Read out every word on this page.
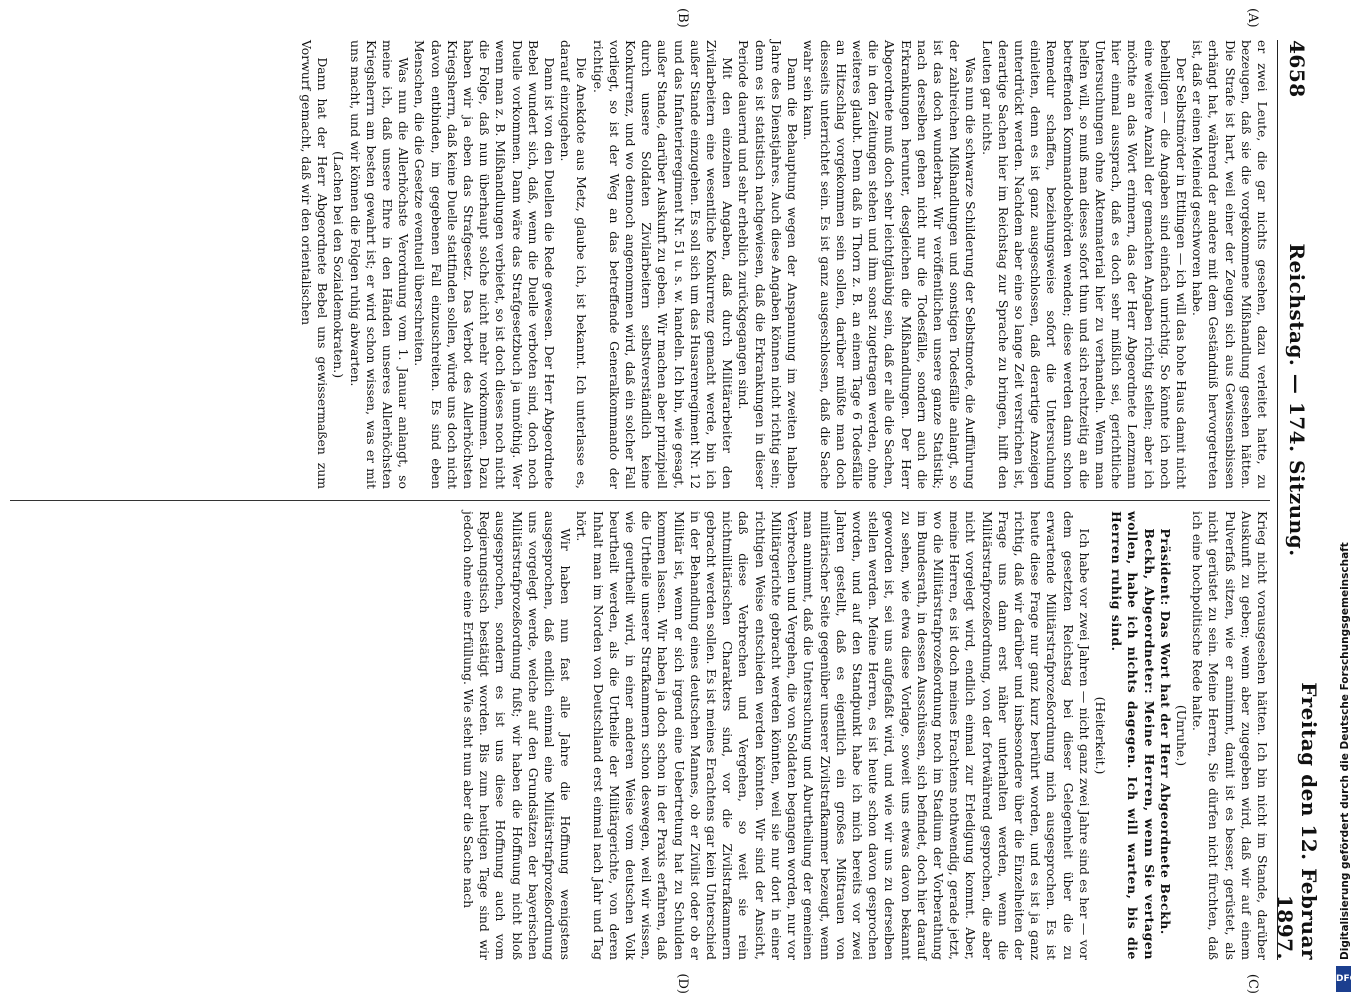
4658
Reichstag. — 174. Sitzung.
Freitag den 12. Februar 1897.

er zwei Leute, die gar nichts gesehen, dazu verleitet hatte, zu bezeugen, daß sie die vorgekommene Mißhandlung gesehen hätten. Die Strafe ist hart, weil einer der Zeugen sich aus Gewissensbissen erhängt hat, während der andere mit dem Geständniß hervorgetreten ist, daß er einen Meineid geschworen habe.

Der Selbstmörder in Ettlingen — ich will das hohe Haus damit nicht behelligen — die Angaben sind einfach unrichtig. So könnte ich noch eine weitere Anzahl der gemachten Angaben richtig stellen; aber ich möchte an das Wort erinnern, das der Herr Abgeordnete Lenzmann hier einmal aussprach, daß es doch sehr mißlich sei, gerichtliche Untersuchungen ohne Aktenmaterial hier zu verhandeln. Wenn man helfen will, so muß man dieses sofort thun und sich rechtzeitig an die betreffenden Kommandobehörden wenden; diese werden dann schon Remedur schaffen, beziehungsweise sofort die Untersuchung einleiten, denn es ist ganz ausgeschlossen, daß derartige Anzeigen unterdrückt werden. Nachdem aber eine so lange Zeit verstrichen ist, derartige Sachen hier im Reichstag zur Sprache zu bringen, hilft den Leuten gar nichts.

Was nun die schwarze Schilderung der Selbstmorde, die Aufführung der zahlreichen Mißhandlungen und sonstigen Todesfälle anlangt, so ist das doch wunderbar. Wir veröffentlichen unsere ganze Statistik; nach derselben gehen nicht nur die Todesfälle, sondern auch die Erkrankungen herunter, desgleichen die Mißhandlungen. Der Herr Abgeordnete muß doch sehr leichtgläubig sein, daß er alle die Sachen, die in den Zeitungen stehen und ihm sonst zugetragen werden, ohne weiteres glaubt. Denn daß in Thorn z. B. an einem Tage 6 Todesfälle an Hitzschlag vorgekommen sein sollen, darüber müßte man doch diesseits unterrichtet sein. Es ist ganz ausgeschlossen, daß die Sache wahr sein kann.

Dann die Behauptung wegen der Anspannung im zweiten halben Jahre des Dienstjahres. Auch diese Angaben können nicht richtig sein; denn es ist statistisch nachgewiesen, daß die Erkrankungen in dieser Periode dauernd und sehr erheblich zurückgegangen sind.

Mit den einzelnen Angaben, daß durch Militärarbeiter den Zivilarbeitern eine wesentliche Konkurrenz gemacht werde, bin ich außer Stande einzugehen. Es soll sich um das Husarenregiment Nr. 12 und das Infanterieregiment Nr. 51 u. s. w. handeln. Ich bin, wie gesagt, außer Stande, darüber Auskunft zu geben. Wir machen aber prinzipiell durch unsere Soldaten Zivilarbeitern selbstverständlich keine Konkurrenz, und wo dennoch angenommen wird, daß ein solcher Fall vorliegt, so ist der Weg an das betreffende Generalkommando der richtige.

Die Anekdote aus Metz, glaube ich, ist bekannt. Ich unterlasse es, darauf einzugehen.

Dann ist von den Duellen die Rede gewesen. Der Herr Abgeordnete Bebel wundert sich, daß, wenn die Duelle verboten sind, doch noch Duelle vorkommen. Dann wäre das Strafgesetzbuch ja unnöthig. Wer wenn man z. B. Mißhandlungen verbietet, so ist doch dieses noch nicht die Folge, daß nun überhaupt solche nicht mehr vorkommen. Dazu haben wir ja eben das Strafgesetz. Das Verbot des Allerhöchsten Kriegsherrn, daß keine Duelle stattfinden sollen, würde uns doch nicht davon entbinden, im gegebenen Fall einzuschreiten. Es sind eben Menschen, die die Gesetze eventuell überschreiten.

Was nun die Allerhöchste Verordnung vom 1. Januar anlangt, so meine ich, daß unsere Ehre in den Händen unseres Allerhöchsten Kriegsherrn am besten gewahrt ist; er wird schon wissen, was er mit uns macht, und wir können die Folgen ruhig abwarten.

(Lachen bei den Sozialdemokraten.)

Dann hat der Herr Abgeordnete Bebel uns gewissermaßen zum Vorwurf gemacht, daß wir den orientalischen

Krieg nicht vorausgesehen hätten. Ich bin nicht im Stande, darüber Auskunft zu geben; wenn aber zugegeben wird, daß wir auf einem Pulverfaß sitzen, wie er annimmt, damit ist es besser, gerüstet, als nicht gerüstet zu sein. Meine Herren, Sie dürfen nicht fürchten, daß ich eine hochpolitische Rede halte.

(Unruhe.)

Präsident: Das Wort hat der Herr Abgeordnete Beckh.

Beckh, Abgeordneter: Meine Herren, wenn Sie vertagen wollen, habe ich nichts dagegen. Ich will warten, bis die Herren ruhig sind.

(Heiterkeit.)

Ich habe vor zwei Jahren — nicht ganz zwei Jahre sind es her — vor dem gesetzten Reichstag bei dieser Gelegenheit über die zu erwartende Militärstrafprozeßordnung mich ausgesprochen. Es ist heute diese Frage nur ganz kurz berührt worden, und es ist ja ganz richtig, daß wir darüber und insbesondere über die Einzelheiten der Frage uns dann erst näher unterhalten werden, wenn die Militärstrafprozeßordnung, von der fortwährend gesprochen, die aber nicht vorgelegt wird, endlich einmal zur Erledigung kommt. Aber, meine Herren, es ist doch meines Erachtens nothwendig, gerade jetzt, wo die Militärstrafprozeßordnung noch im Stadium der Vorberathung im Bundesrath, in dessen Ausschüssen, sich befindet, doch hier darauf zu sehen, wie etwa diese Vorlage, soweit uns etwas davon bekannt geworden ist, sei uns aufgefaßt wird, und wie wir uns zu derselben stellen werden. Meine Herren, es ist heute schon davon gesprochen worden, und auf den Standpunkt habe ich mich bereits vor zwei Jahren gestellt, daß es eigentlich ein großes Mißtrauen von militärischer Seite gegenüber unserer Zivilstrafkammer bezeugt, wenn man annimmt, daß die Untersuchung und Aburtheilung der gemeinen Verbrechen und Vergehen, die von Soldaten begangen worden, nur vor Militärgerichte gebracht werden könnten, weil sie nur dort in einer richtigen Weise entschieden werden könnten. Wir sind der Ansicht, daß diese Verbrechen und Vergehen, so weit sie rein nichtmilitärischen Charakters sind, vor die Zivilstrafkammern gebracht werden sollen. Es ist meines Erachtens gar kein Unterschied in der Behandlung eines deutschen Mannes, ob er Zivilist oder ob er Militär ist, wenn er sich irgend eine Uebertretung hat zu Schulden kommen lassen. Wir haben ja doch schon in der Praxis erfahren, daß die Urtheile unserer Strafkammern schon deswegen, weil wir wissen, wie geurtheilt wird, in einer anderen Weise vom deutschen Volk beurtheilt werden, als die Urtheile der Militärgerichte, von deren Inhalt man im Norden von Deutschland erst einmal nach Jahr und Tag hört.

Wir haben nun fast alle Jahre die Hoffnung wenigstens ausgesprochen, daß endlich einmal eine Militärstrafprozeßordnung uns vorgelegt werde, welche auf den Grundsätzen der bayerischen Militärstrafprozeßordnung fußt; wir haben die Hoffnung nicht bloß ausgesprochen, sondern es ist uns diese Hoffnung auch vom Regierungstisch bestätigt worden. Bis zum heutigen Tage sind wir jedoch ohne eine Erfüllung. Wie steht nun aber die Sache nach

(A)
(B)
(C)
(D)
Digitalisierung gefördert durch die Deutsche Forschungsgemeinschaft
DFG
